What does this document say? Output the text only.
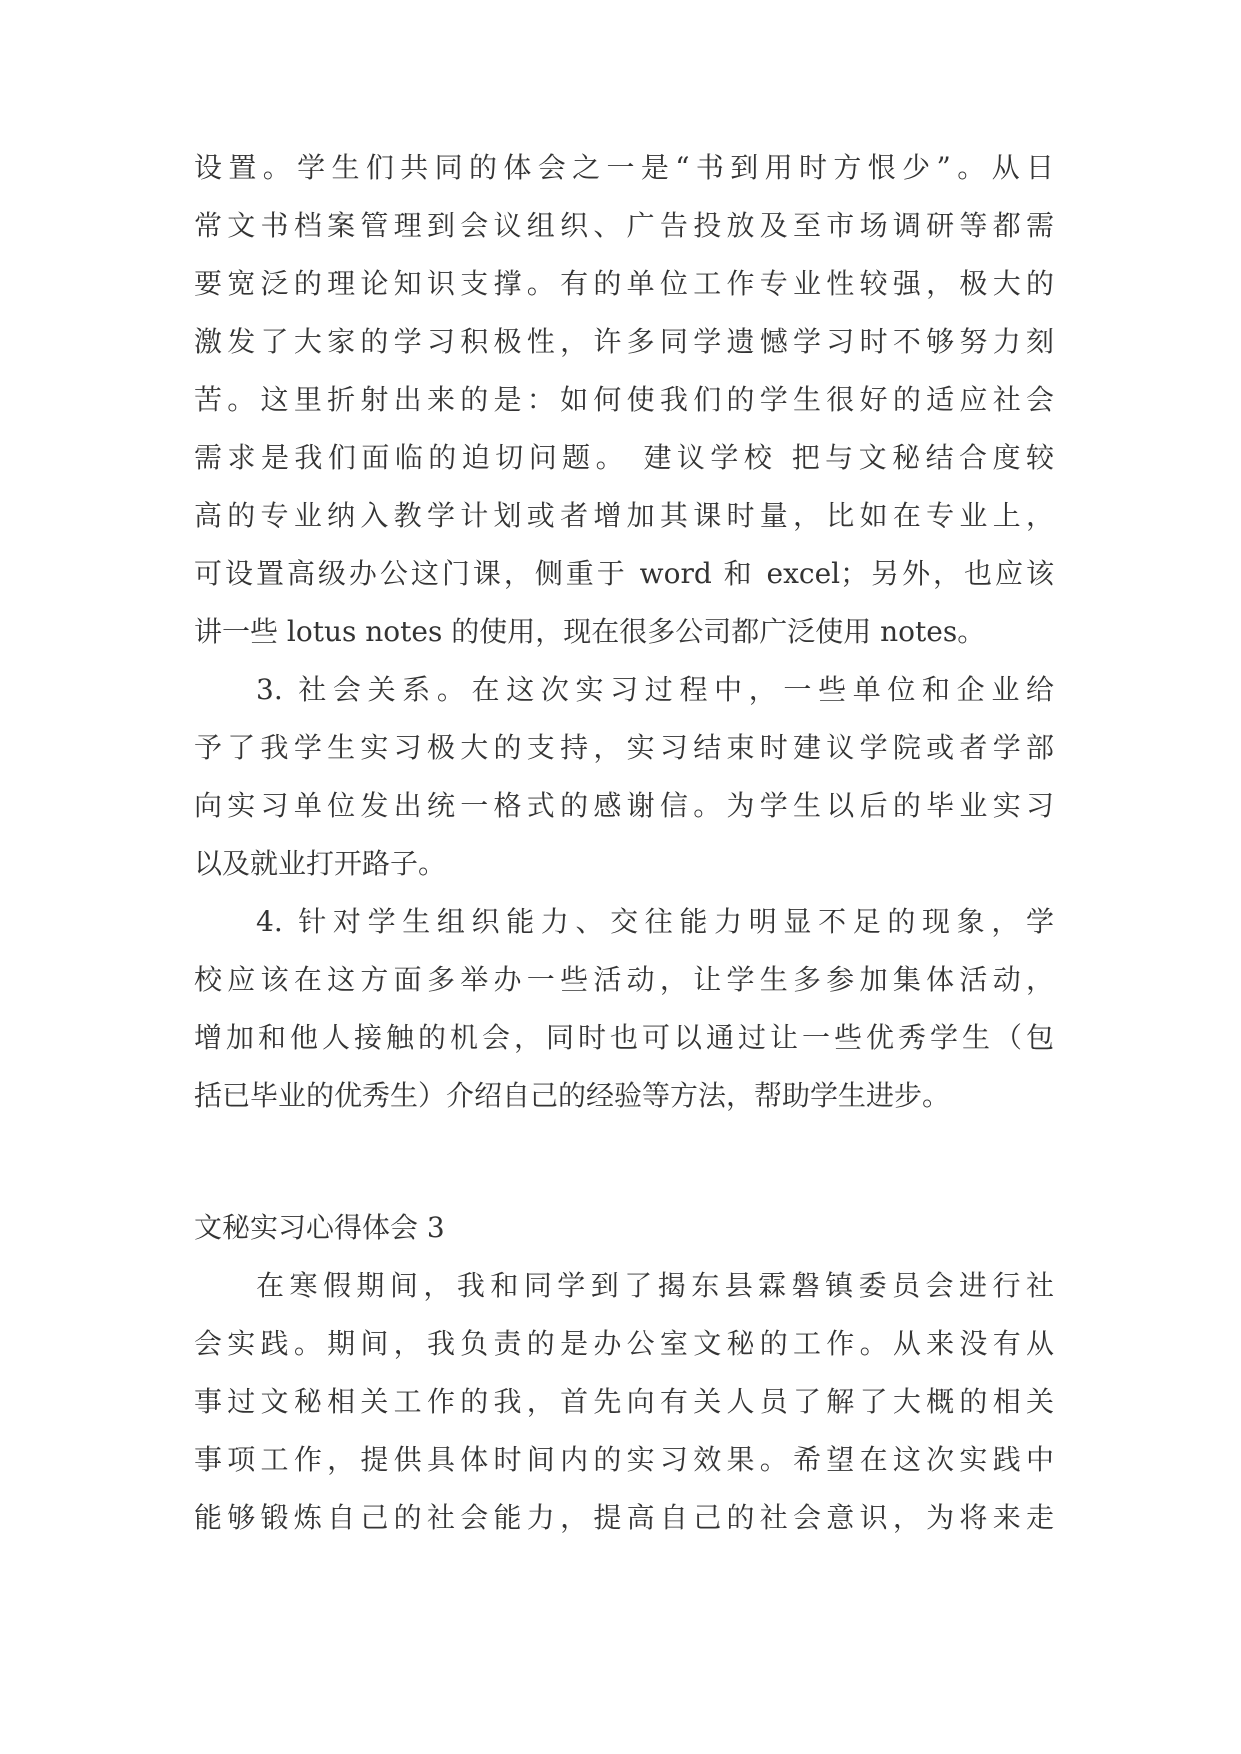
设置。学生们共同的体会之一是“书到用时方恨少”。从日
常文书档案管理到会议组织、广告投放及至市场调研等都需
要宽泛的理论知识支撑。有的单位工作专业性较强，极大的
激发了大家的学习积极性，许多同学遗憾学习时不够努力刻
苦。这里折射出来的是：如何使我们的学生很好的适应社会
需求是我们面临的迫切问题。 建议学校 把与文秘结合度较
高的专业纳入教学计划或者增加其课时量，比如在专业上，
可设置高级办公这门课，侧重于 word 和 excel；另外，也应该
讲一些 lotus notes 的使用，现在很多公司都广泛使用 notes。
3. 社会关系。在这次实习过程中，一些单位和企业给
予了我学生实习极大的支持，实习结束时建议学院或者学部
向实习单位发出统一格式的感谢信。为学生以后的毕业实习
以及就业打开路子。
4. 针对学生组织能力、交往能力明显不足的现象，学
校应该在这方面多举办一些活动，让学生多参加集体活动，
增加和他人接触的机会，同时也可以通过让一些优秀学生（包
括已毕业的优秀生）介绍自己的经验等方法，帮助学生进步。
文秘实习心得体会 3
在寒假期间，我和同学到了揭东县霖磐镇委员会进行社
会实践。期间，我负责的是办公室文秘的工作。从来没有从
事过文秘相关工作的我，首先向有关人员了解了大概的相关
事项工作，提供具体时间内的实习效果。希望在这次实践中
能够锻炼自己的社会能力，提高自己的社会意识，为将来走
